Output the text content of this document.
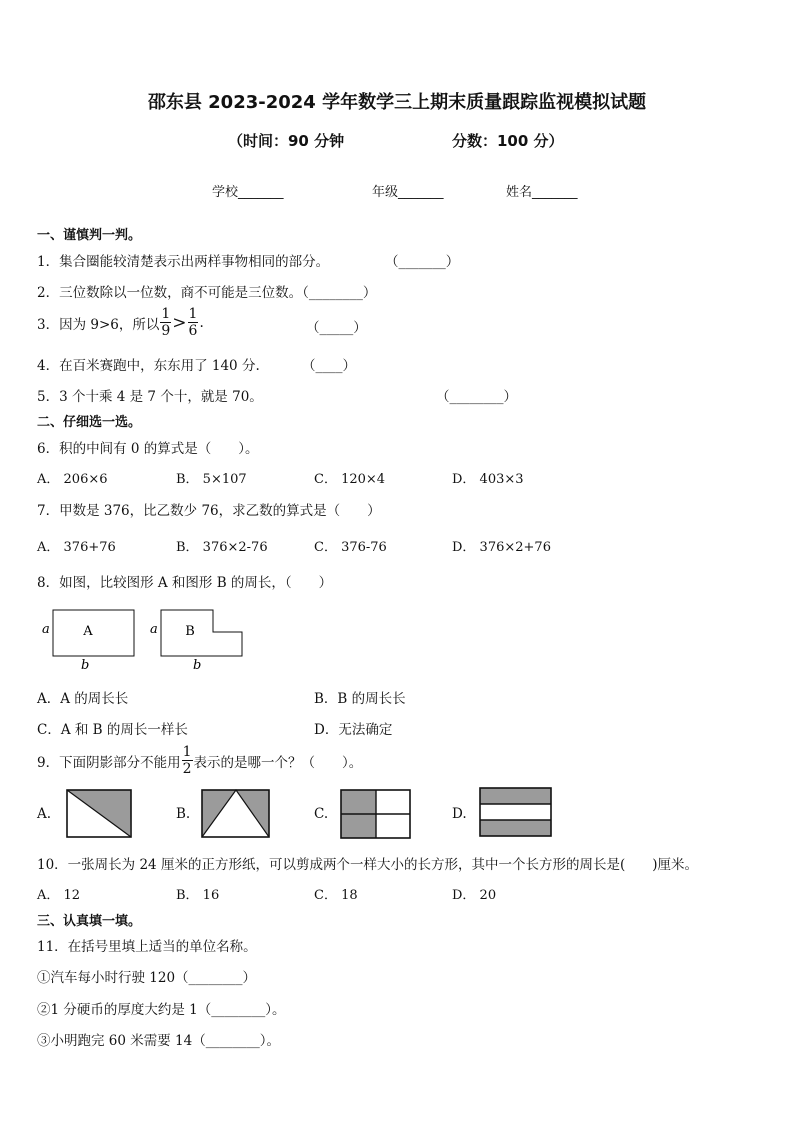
邵东县 2023-2024 学年数学三上期末质量跟踪监视模拟试题
（时间：90 分钟	分数：100 分）
学校_______	年级_______	姓名_______
一、谨慎判一判。
1．集合圈能较清楚表示出两样事物相同的部分。	（_______）
2．三位数除以一位数，商不可能是三位数。（________）
3．因为 9>6，所以 $\frac{1}{9} > \frac{1}{6}$ .	（_____）
4．在百米赛跑中，东东用了 140 分.	（____）
5．3 个十乘 4 是 7 个十，就是 70。	（________）
二、仔细选一选。
6．积的中间有 0 的算式是（　　）。
A． 206×6	B． 5×107	C． 120×4	D． 403×3
7．甲数是 376，比乙数少 76，求乙数的算式是（　　）
A． 376+76	B． 376×2-76	C． 376-76	D． 376×2+76
8．如图，比较图形 A 和图形 B 的周长，（　　）
a	A
b
a B
b
A．A 的周长长	B．B 的周长长
C．A 和 B 的周长一样长	D．无法确定
9．下面阴影部分不能用 $\frac{1}{2}$ 表示的是哪一个？（　　）。
A.	B.	C.	D.
10．一张周长为 24 厘米的正方形纸，可以剪成两个一样大小的长方形，其中一个长方形的周长是(　　)厘米。
A． 12	B． 16	C． 18	D． 20
三、认真填一填。
11．在括号里填上适当的单位名称。
①汽车每小时行驶 120（________）
②1 分硬币的厚度大约是 1（________）。
③小明跑完 60 米需要 14（________）。
